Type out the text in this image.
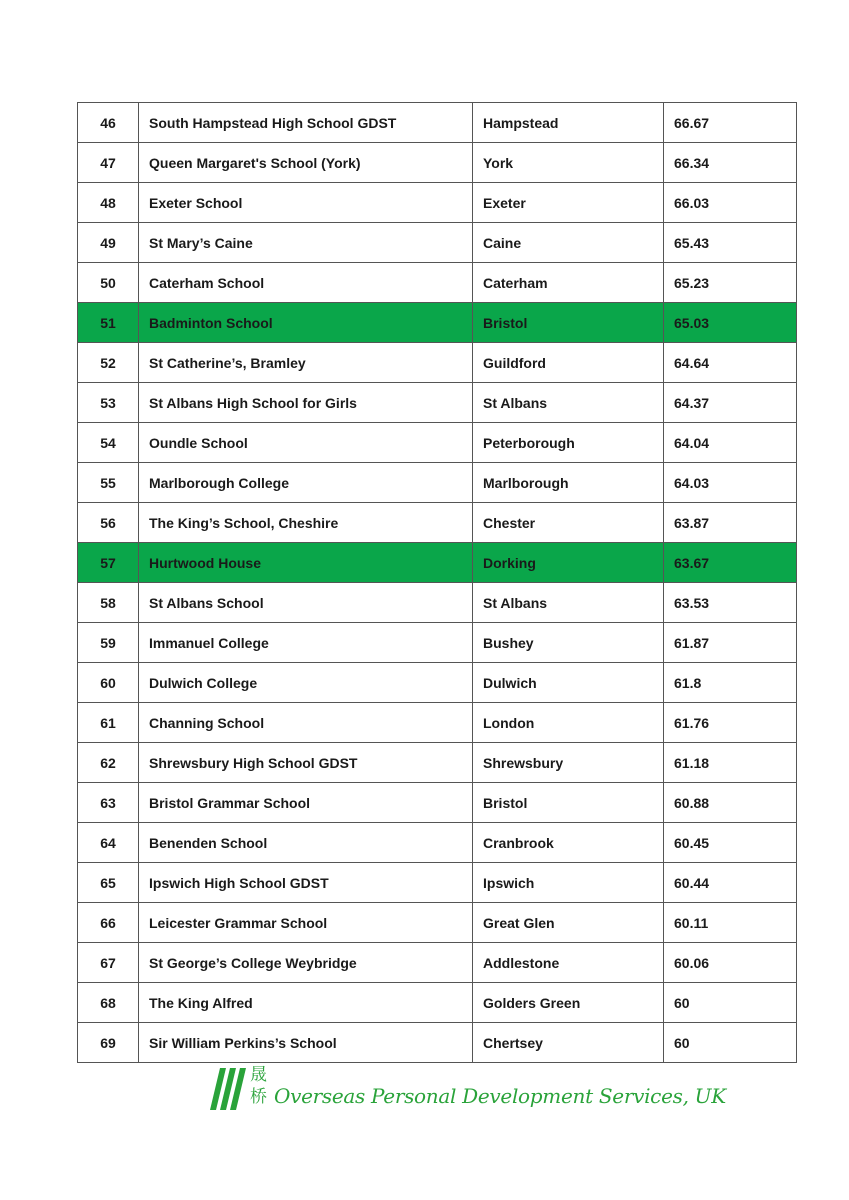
46	South Hampstead High School GDST	Hampstead	66.67
47	Queen Margaret's School (York)	York	66.34
48	Exeter School	Exeter	66.03
49	St Mary’s Caine	Caine	65.43
50	Caterham School	Caterham	65.23
51	Badminton School	Bristol	65.03
52	St Catherine’s, Bramley	Guildford	64.64
53	St Albans High School for Girls	St Albans	64.37
54	Oundle School	Peterborough	64.04
55	Marlborough College	Marlborough	64.03
56	The King’s School, Cheshire	Chester	63.87
57	Hurtwood House	Dorking	63.67
58	St Albans School	St Albans	63.53
59	Immanuel College	Bushey	61.87
60	Dulwich College	Dulwich	61.8
61	Channing School	London	61.76
62	Shrewsbury High School GDST	Shrewsbury	61.18
63	Bristol Grammar School	Bristol	60.88
64	Benenden School	Cranbrook	60.45
65	Ipswich High School GDST	Ipswich	60.44
66	Leicester Grammar School	Great Glen	60.11
67	St George’s College Weybridge	Addlestone	60.06
68	The King Alfred	Golders Green	60
69	Sir William Perkins’s School	Chertsey	60
晟
桥 Overseas Personal Development Services, UK
